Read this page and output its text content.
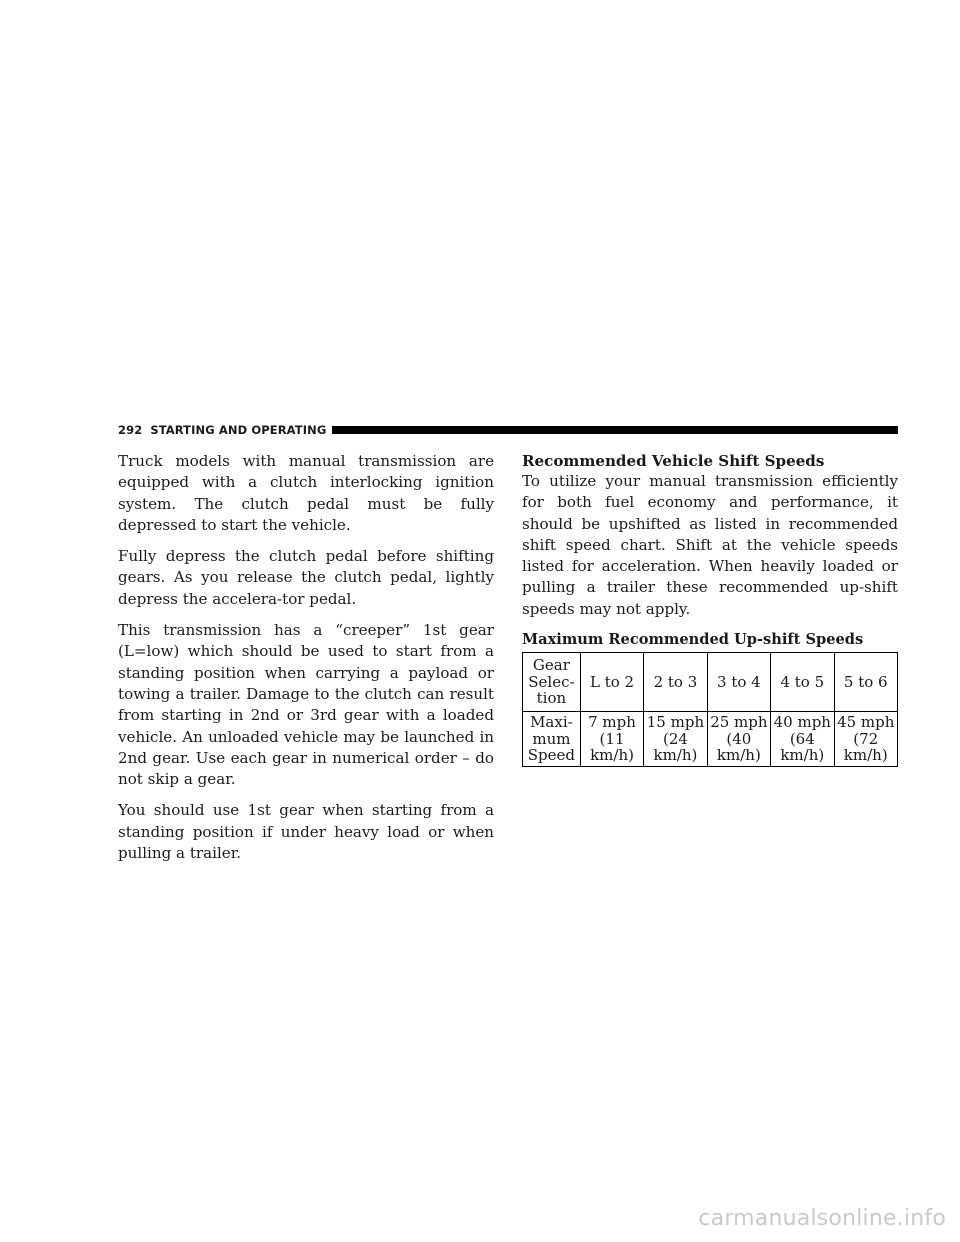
292 STARTING AND OPERATING

Truck models with manual transmission are equipped with a clutch interlocking ignition system. The clutch pedal must be fully depressed to start the vehicle.

Fully depress the clutch pedal before shifting gears. As you release the clutch pedal, lightly depress the accelera-tor pedal.

This transmission has a “creeper” 1st gear (L=low) which should be used to start from a standing position when carrying a payload or towing a trailer. Damage to the clutch can result from starting in 2nd or 3rd gear with a loaded vehicle. An unloaded vehicle may be launched in 2nd gear. Use each gear in numerical order – do not skip a gear.

You should use 1st gear when starting from a standing position if under heavy load or when pulling a trailer.

Recommended Vehicle Shift Speeds

To utilize your manual transmission efficiently for both fuel economy and performance, it should be upshifted as listed in recommended shift speed chart. Shift at the vehicle speeds listed for acceleration. When heavily loaded or pulling a trailer these recommended up-shift speeds may not apply.

Maximum Recommended Up-shift Speeds
Gear Selec-tion	L to 2	2 to 3	3 to 4	4 to 5	5 to 6
Maxi-mum Speed	7 mph (11 km/h)	15 mph (24 km/h)	25 mph (40 km/h)	40 mph (64 km/h)	45 mph (72 km/h)
carmanualsonline.info
